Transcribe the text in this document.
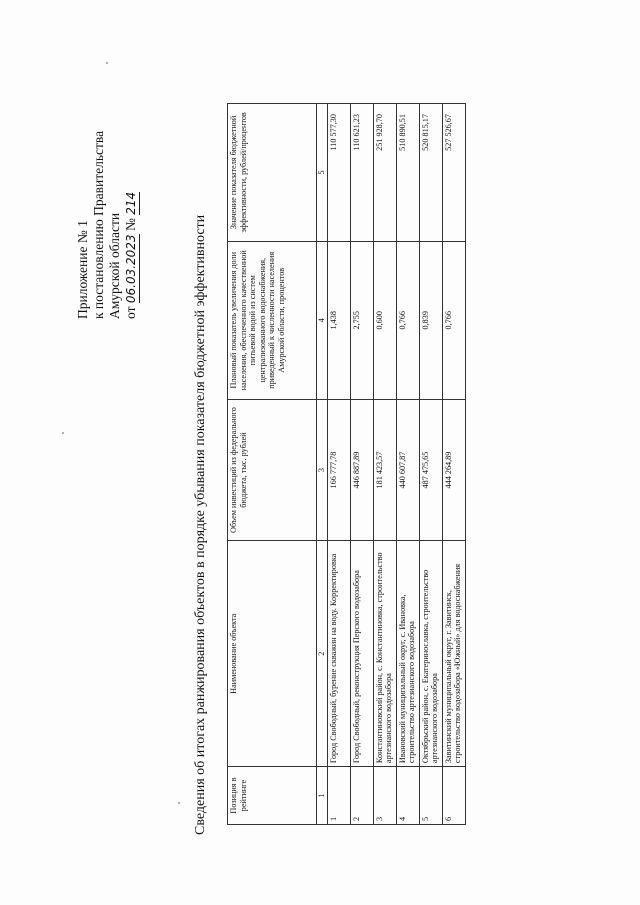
Приложение № 1 к постановлению Правительства Амурской области от 06.03.2023 № 214
Сведения об итогах ранжирования объектов в порядке убывания показателя бюджетной эффективности	Позиция в рейтинге	Наименование объекта	Объем инвестиций из федерального бюджета, тыс. рублей	Плановый показатель увеличения доли населения, обеспеченного качественной питьевой водой из систем централизованного водоснабжения, приведенный к численности населения Амурской области, процентов	Значение показателя бюджетной эффективности, рублей/процентов
1	2	3	4	5
1	Город Свободный, бурение скважин на воду. Корректировка	166 777,78	1,438	110 577,30
2	Город Свободный, реконструкция Перского водозабора	446 887,89	2,755	110 621,23
3	Константиновский район, с. Константиновка, строительство артезианского водозабора	181 423,57	0,600	251 928,70
4	Ивановский муниципальный округ, с. Ивановка, строительство артезианского водозабора	440 607,87	0,766	510 890,51
5	Октябрьский район, с. Екатеринославка, строительство артезианского водозабора	487 475,65	0,839	520 815,17
6	Завитинский муниципальный округ, г. Завитинск, строительство водозабора «Южный» для водоснабжения	444 264,89	0,766	527 526,67
